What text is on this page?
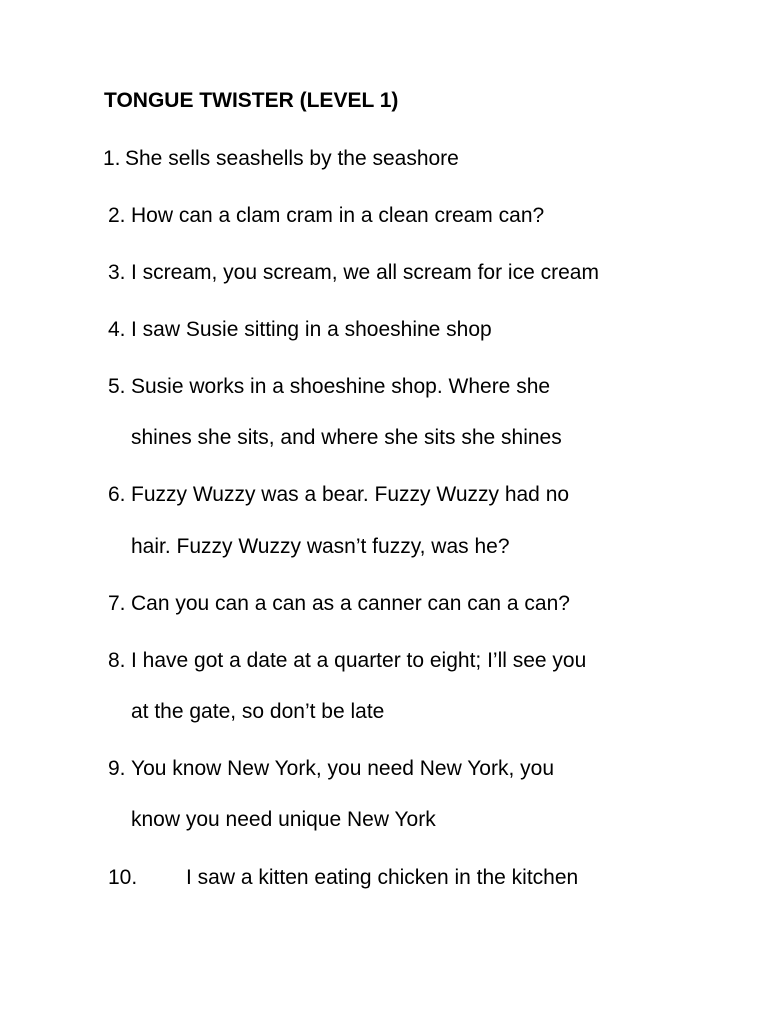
TONGUE TWISTER (LEVEL 1)
1. She sells seashells by the seashore
2. How can a clam cram in a clean cream can?
3. I scream, you scream, we all scream for ice cream
4. I saw Susie sitting in a shoeshine shop
5. Susie works in a shoeshine shop. Where she
shines she sits, and where she sits she shines
6. Fuzzy Wuzzy was a bear. Fuzzy Wuzzy had no
hair. Fuzzy Wuzzy wasn’t fuzzy, was he?
7. Can you can a can as a canner can can a can?
8. I have got a date at a quarter to eight; I’ll see you
at the gate, so don’t be late
9. You know New York, you need New York, you
know you need unique New York
10. I saw a kitten eating chicken in the kitchen
